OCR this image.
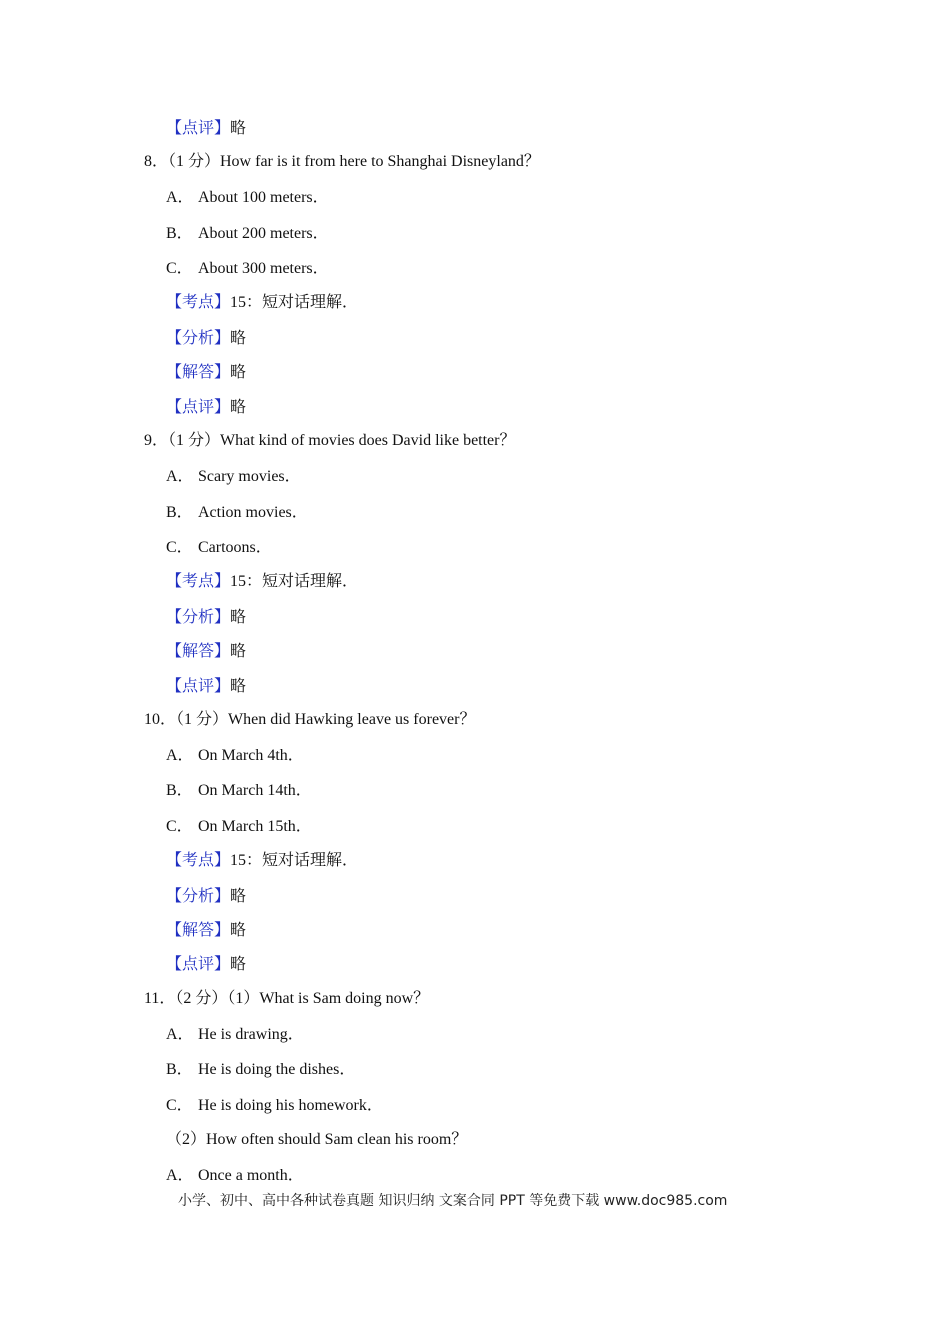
【点评】略
8．（1 分）How far is it from here to Shanghai Disneyland？
A． About 100 meters．
B． About 200 meters．
C． About 300 meters．
【考点】15：短对话理解．
【分析】略
【解答】略
【点评】略
9．（1 分）What kind of movies does David like better？
A． Scary movies．
B． Action movies．
C． Cartoons．
【考点】15：短对话理解．
【分析】略
【解答】略
【点评】略
10．（1 分）When did Hawking leave us forever？
A． On March 4th．
B． On March 14th．
C． On March 15th．
【考点】15：短对话理解．
【分析】略
【解答】略
【点评】略
11．（2 分）（1）What is Sam doing now？
A． He is drawing．
B． He is doing the dishes．
C． He is doing his homework．
（2）How often should Sam clean his room？
A． Once a month．
小学、初中、高中各种试卷真题 知识归纳 文案合同 PPT 等免费下载 www.doc985.com
